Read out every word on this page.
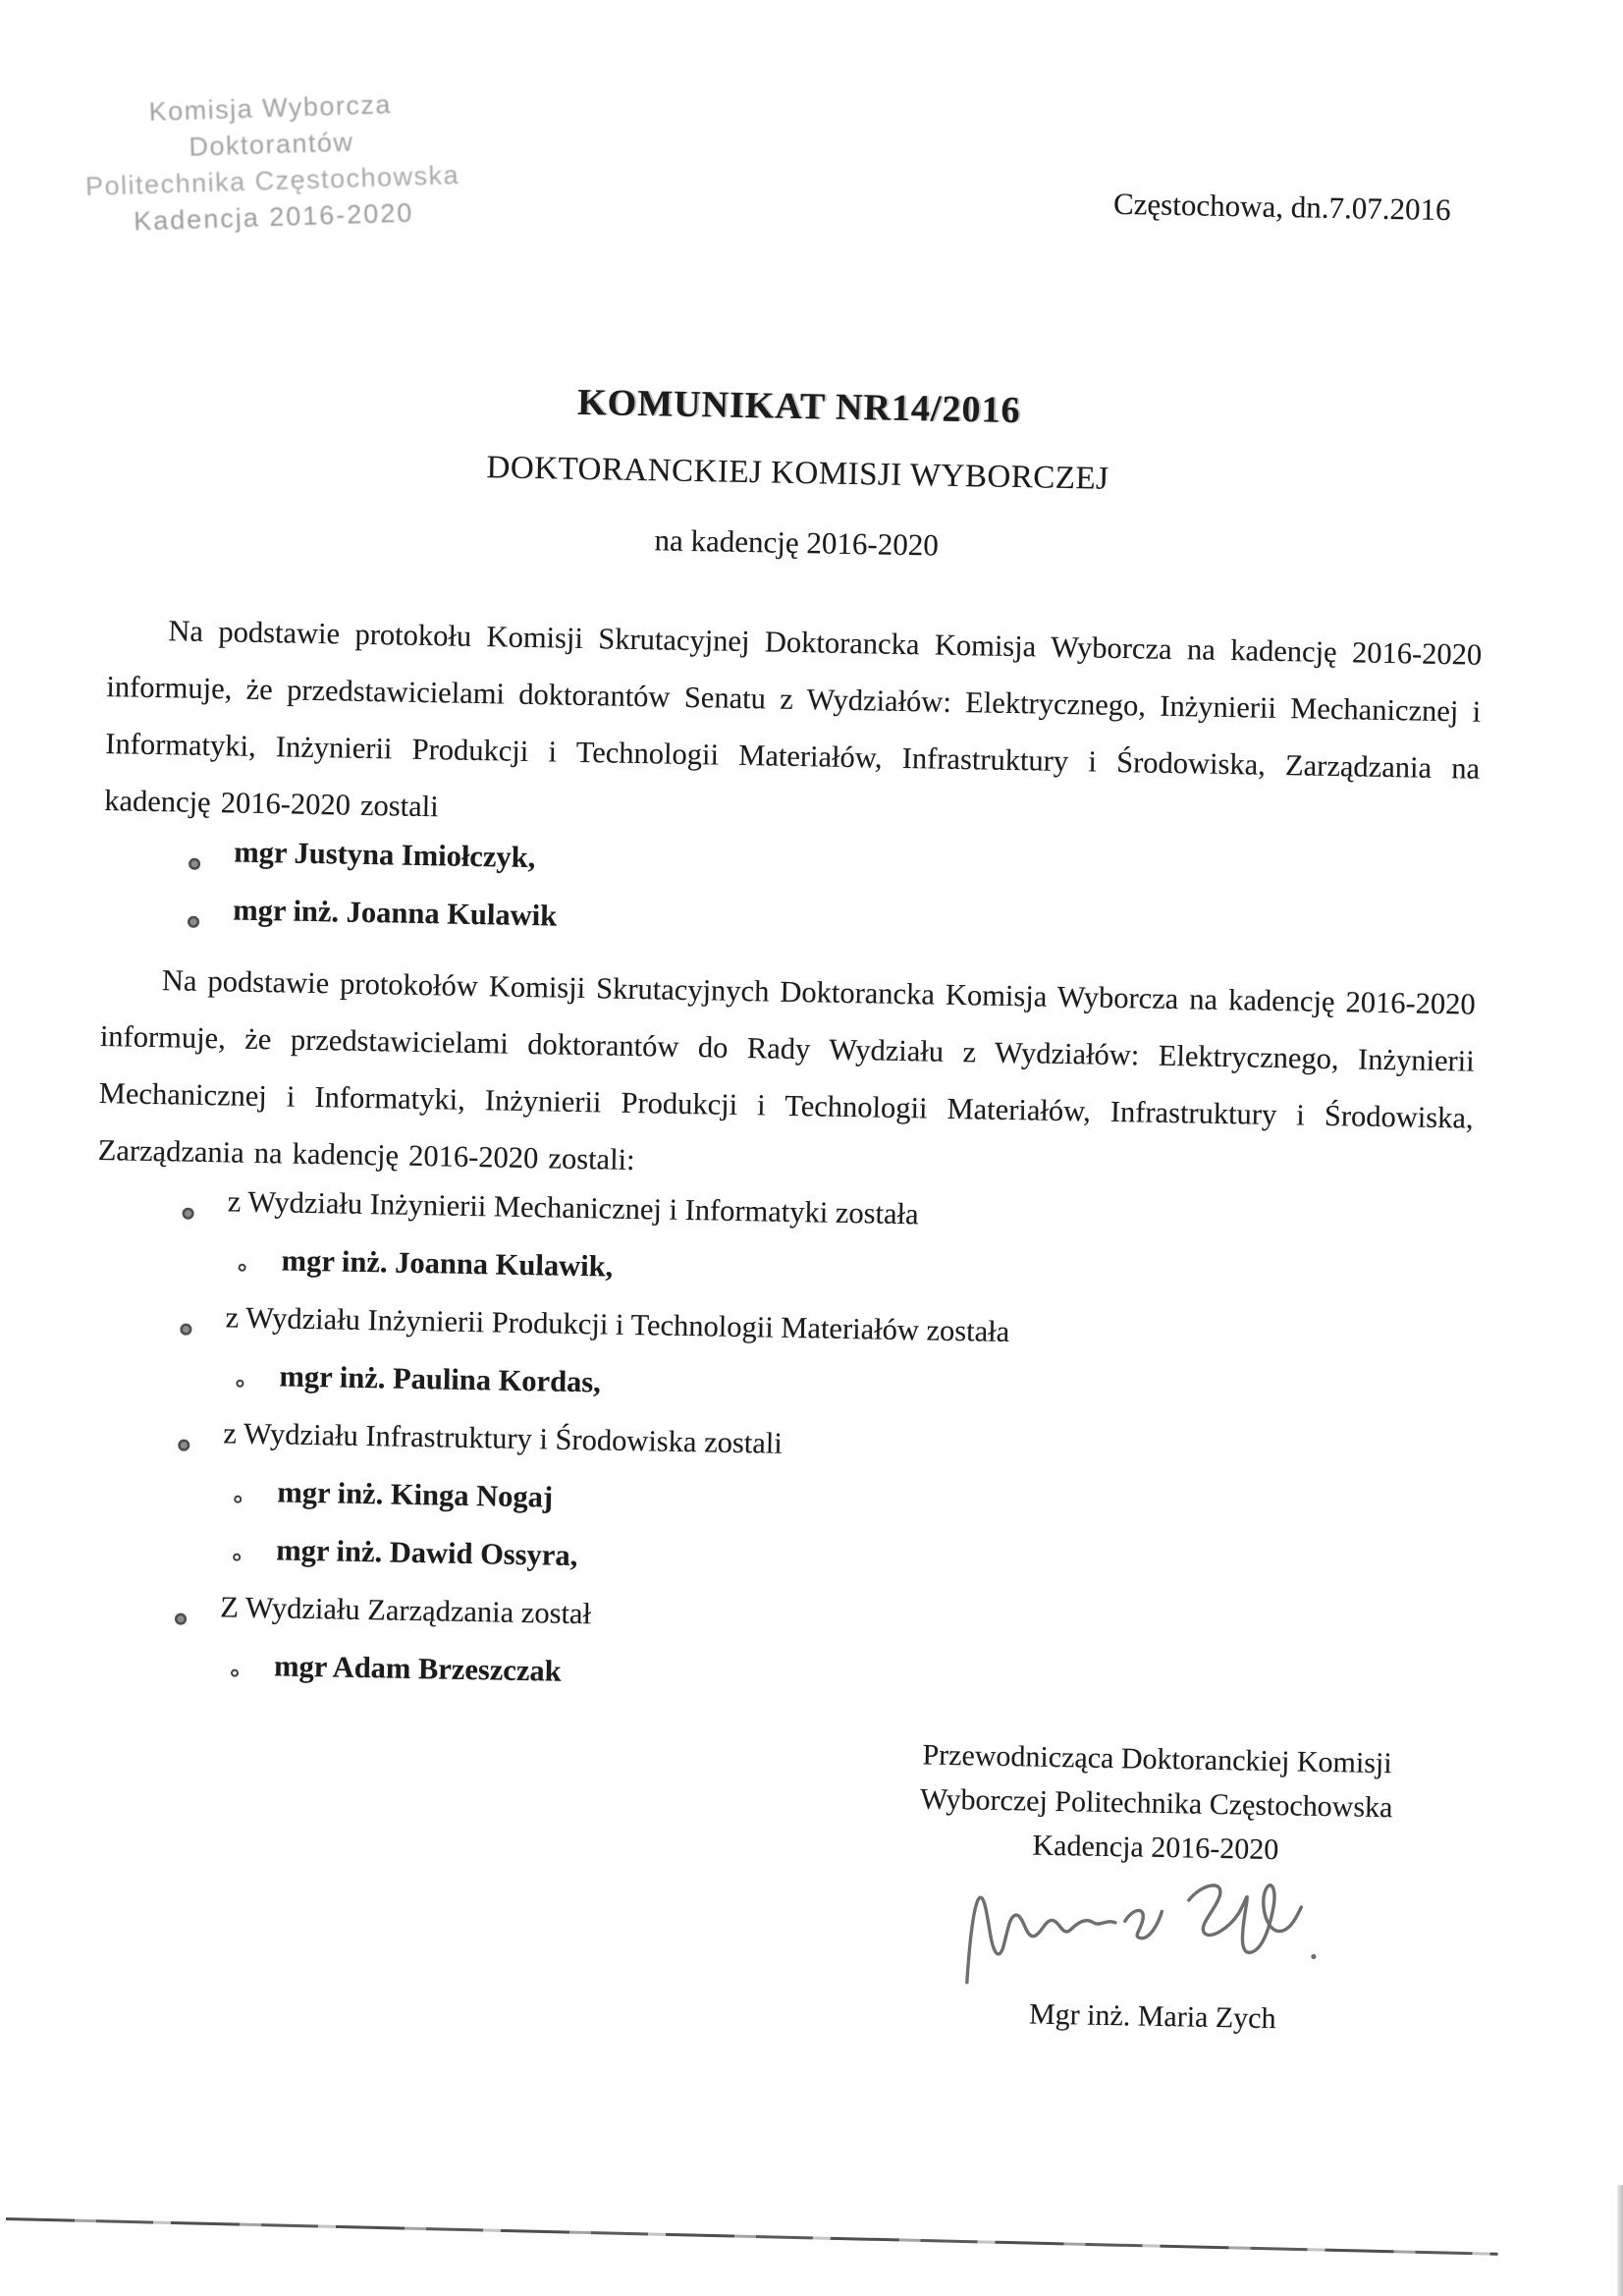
Komisja Wyborcza Doktorantów
Politechnika Częstochowska
Kadencja 2016-2020	Częstochowa, dn.7.07.2016
KOMUNIKAT NR14/2016
DOKTORANCKIEJ KOMISJI WYBORCZEJ
na kadencję 2016-2020

Na podstawie protokołu Komisji Skrutacyjnej Doktorancka Komisja Wyborcza na kadencję 2016-2020 informuje, że przedstawicielami doktorantów Senatu z Wydziałów: Elektrycznego, Inżynierii Mechanicznej i Informatyki, Inżynierii Produkcji i Technologii Materiałów, Infrastruktury i Środowiska, Zarządzania na kadencję 2016-2020 zostali

mgr Justyna Imiołczyk,
mgr inż. Joanna Kulawik

Na podstawie protokołów Komisji Skrutacyjnych Doktorancka Komisja Wyborcza na kadencję 2016-2020 informuje, że przedstawicielami doktorantów do Rady Wydziału z Wydziałów: Elektrycznego, Inżynierii Mechanicznej i Informatyki, Inżynierii Produkcji i Technologii Materiałów, Infrastruktury i Środowiska, Zarządzania na kadencję 2016-2020 zostali:

z Wydziału Inżynierii Mechanicznej i Informatyki została
mgr inż. Joanna Kulawik,
z Wydziału Inżynierii Produkcji i Technologii Materiałów została
mgr inż. Paulina Kordas,
z Wydziału Infrastruktury i Środowiska zostali
mgr inż. Kinga Nogaj
mgr inż. Dawid Ossyra,
Z Wydziału Zarządzania został
mgr Adam Brzeszczak
Przewodnicząca Doktoranckiej Komisji
Wyborczej Politechnika Częstochowska
Kadencja 2016-2020
Mgr inż. Maria Zych
